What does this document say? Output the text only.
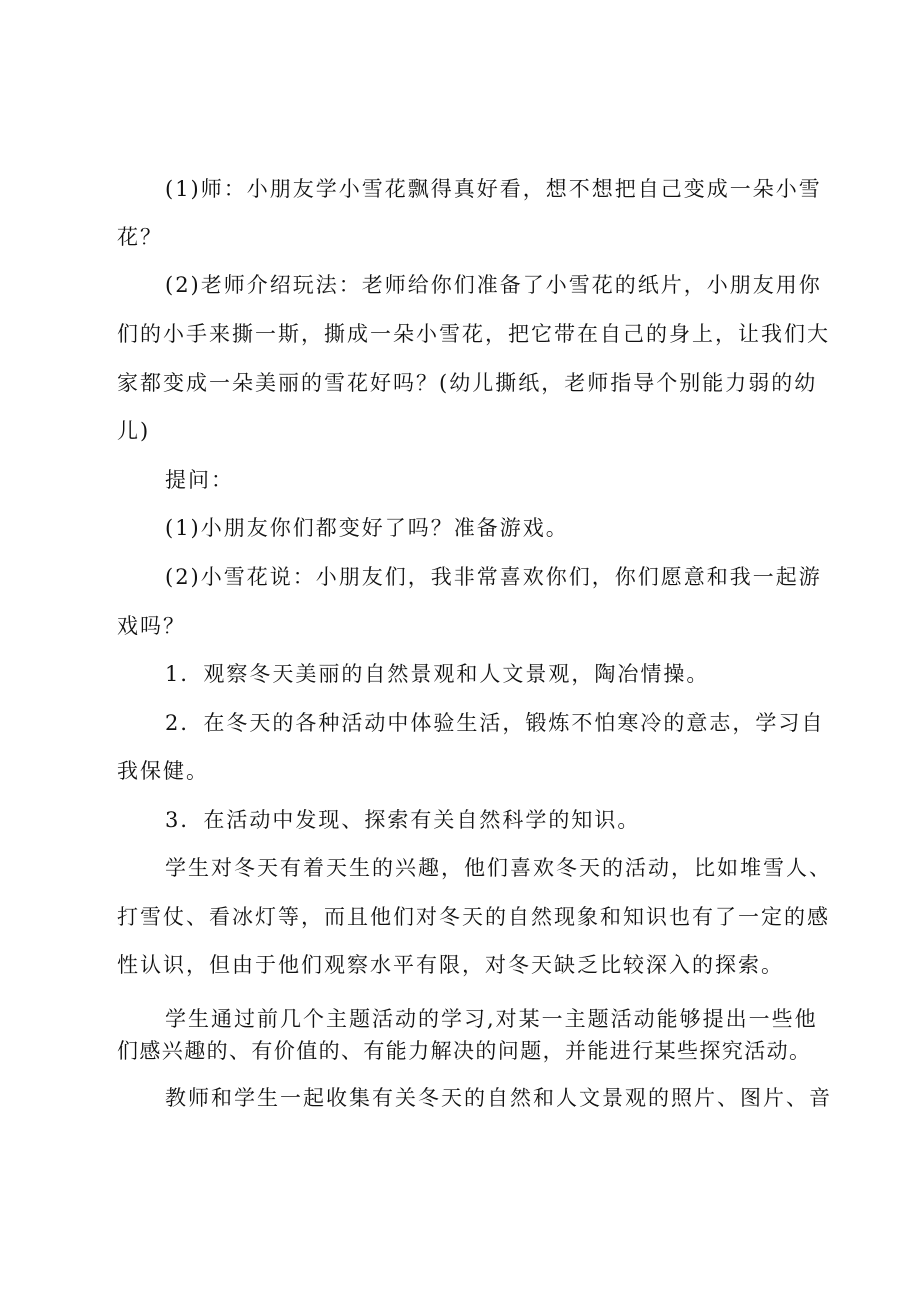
(1)师：小朋友学小雪花飘得真好看，想不想把自己变成一朵小雪
花？
(2)老师介绍玩法：老师给你们准备了小雪花的纸片，小朋友用你
们的小手来撕一斯，撕成一朵小雪花，把它带在自己的身上，让我们大
家都变成一朵美丽的雪花好吗？(幼儿撕纸，老师指导个别能力弱的幼
儿)
提问：
(1)小朋友你们都变好了吗？准备游戏。
(2)小雪花说：小朋友们，我非常喜欢你们，你们愿意和我一起游
戏吗？
1．观察冬天美丽的自然景观和人文景观，陶冶情操。
2．在冬天的各种活动中体验生活，锻炼不怕寒冷的意志，学习自
我保健。
3．在活动中发现、探索有关自然科学的知识。
学生对冬天有着天生的兴趣，他们喜欢冬天的活动，比如堆雪人、
打雪仗、看冰灯等，而且他们对冬天的自然现象和知识也有了一定的感
性认识，但由于他们观察水平有限，对冬天缺乏比较深入的探索。
学生通过前几个主题活动的学习,对某一主题活动能够提出一些他
们感兴趣的、有价值的、有能力解决的问题，并能进行某些探究活动。
教师和学生一起收集有关冬天的自然和人文景观的照片、图片、音
